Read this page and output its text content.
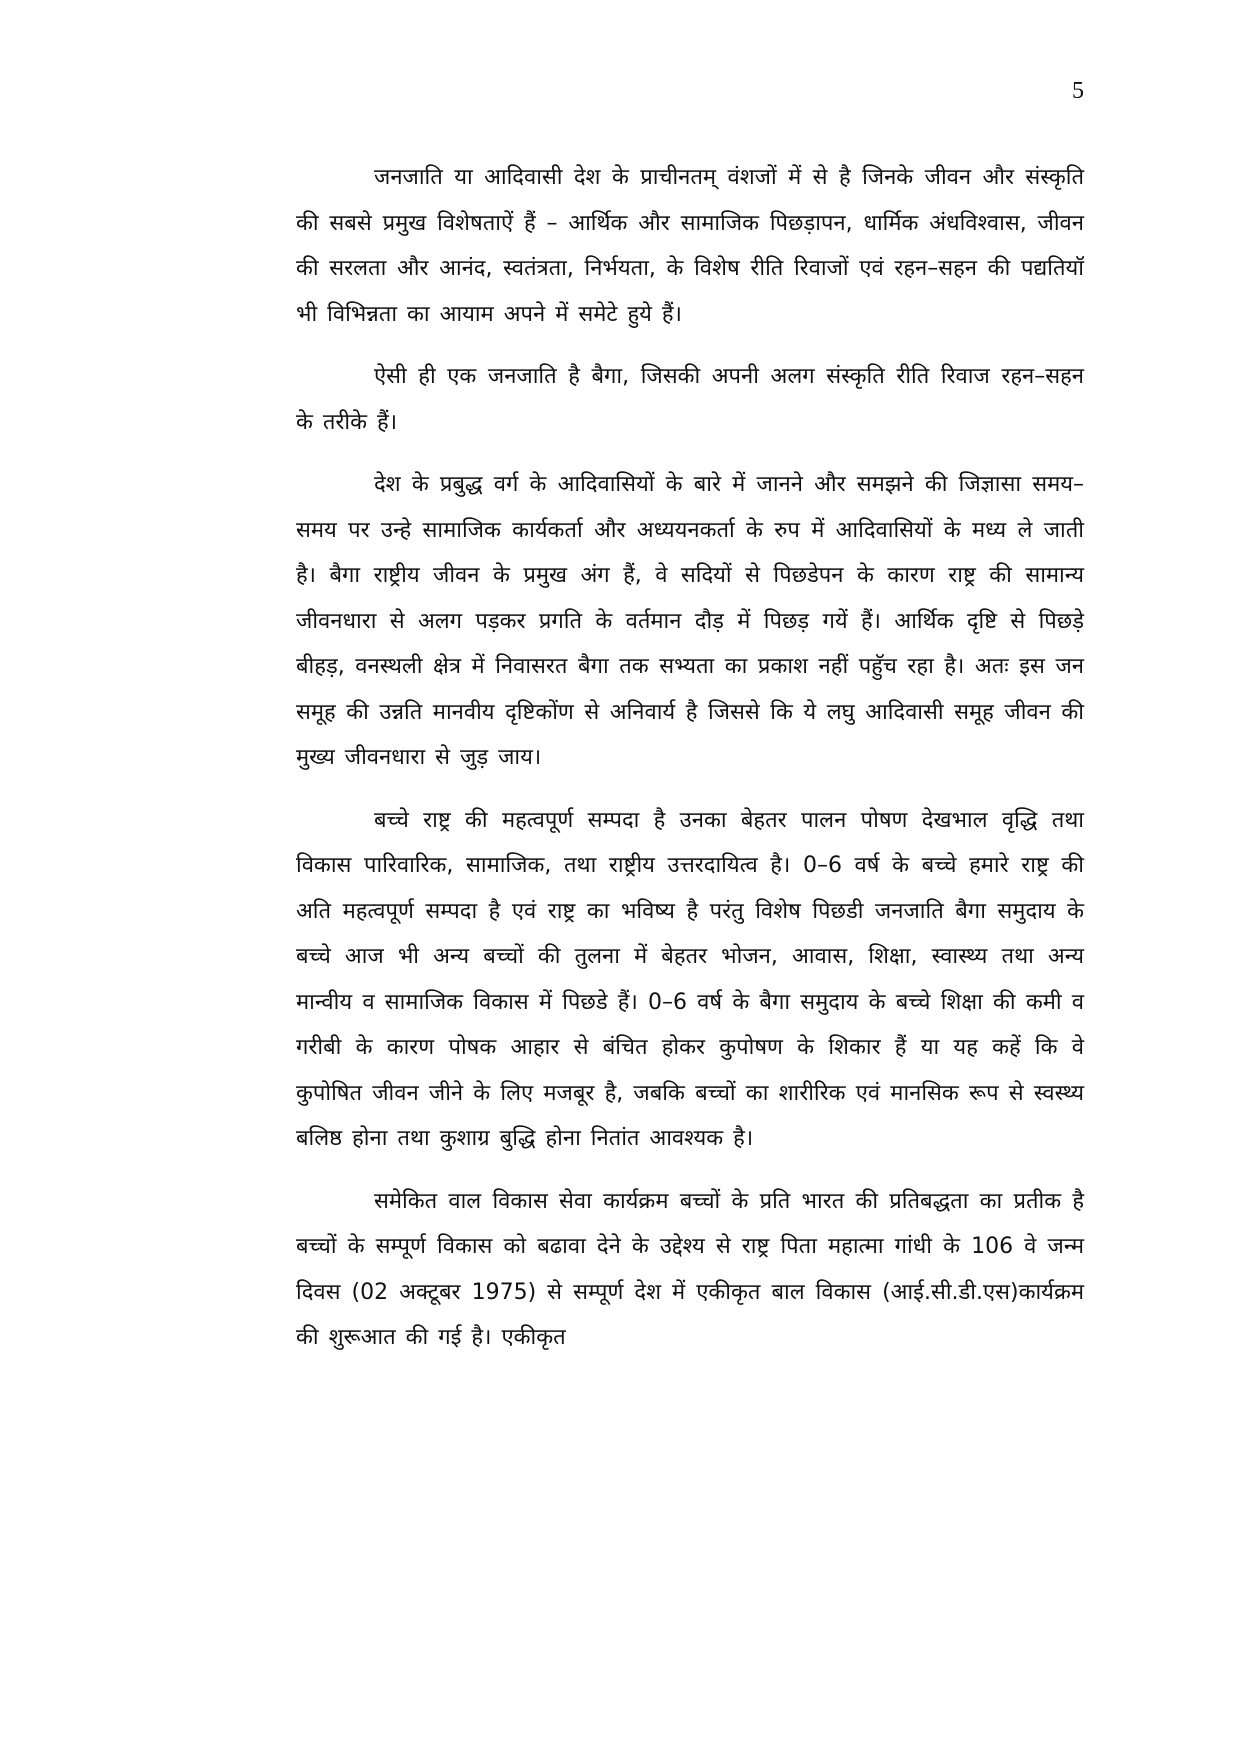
5

जनजाति या आदिवासी देश के प्राचीनतम् वंशजों में से है जिनके जीवन और संस्कृति की सबसे प्रमुख विशेषताऐं हैं – आर्थिक और सामाजिक पिछड़ापन, धार्मिक अंधविश्वास, जीवन की सरलता और आनंद, स्वतंत्रता, निर्भयता, के विशेष रीति रिवाजों एवं रहन–सहन की पद्यतियॉ भी विभिन्नता का आयाम अपने में समेटे हुये हैं।

ऐसी ही एक जनजाति है बैगा, जिसकी अपनी अलग संस्कृति रीति रिवाज रहन–सहन के तरीके हैं।

देश के प्रबुद्ध वर्ग के आदिवासियों के बारे में जानने और समझने की जिज्ञासा समय–समय पर उन्हे सामाजिक कार्यकर्ता और अध्ययनकर्ता के रुप में आदिवासियों के मध्य ले जाती है। बैगा राष्ट्रीय जीवन के प्रमुख अंग हैं, वे सदियों से पिछडेपन के कारण राष्ट्र की सामान्य जीवनधारा से अलग पड़कर प्रगति के वर्तमान दौड़ में पिछड़ गयें हैं। आर्थिक दृष्टि से पिछड़े बीहड़, वनस्थली क्षेत्र में निवासरत बैगा तक सभ्यता का प्रकाश नहीं पहुॅच रहा है। अतः इस जन समूह की उन्नति मानवीय दृष्टिकोंण से अनिवार्य है जिससे कि ये लघु आदिवासी समूह जीवन की मुख्य जीवनधारा से जुड़ जाय।

बच्चे राष्ट्र की महत्वपूर्ण सम्पदा है उनका बेहतर पालन पोषण देखभाल वृद्धि तथा विकास पारिवारिक, सामाजिक, तथा राष्ट्रीय उत्तरदायित्व है। 0–6 वर्ष के बच्चे हमारे राष्ट्र की अति महत्वपूर्ण सम्पदा है एवं राष्ट्र का भविष्य है परंतु विशेष पिछडी जनजाति बैगा समुदाय के बच्चे आज भी अन्य बच्चों की तुलना में बेहतर भोजन, आवास, शिक्षा, स्वास्थ्य तथा अन्य मान्वीय व सामाजिक विकास में पिछडे हैं। 0–6 वर्ष के बैगा समुदाय के बच्चे शिक्षा की कमी व गरीबी के कारण पोषक आहार से बंचित होकर कुपोषण के शिकार हैं या यह कहें कि वे कुपोषित जीवन जीने के लिए मजबूर है, जबकि बच्चों का शारीरिक एवं मानसिक रूप से स्वस्थ्य बलिष्ठ होना तथा कुशाग्र बुद्धि होना नितांत आवश्यक है।

समेकित वाल विकास सेवा कार्यक्रम बच्चों के प्रति भारत की प्रतिबद्धता का प्रतीक है बच्चों के सम्पूर्ण विकास को बढावा देने के उद्देश्य से राष्ट्र पिता महात्मा गांधी के 106 वे जन्म दिवस (02 अक्टूबर 1975) से सम्पूर्ण देश में एकीकृत बाल विकास (आई.सी.डी.एस)कार्यक्रम की शुरूआत की गई है। एकीकृत
